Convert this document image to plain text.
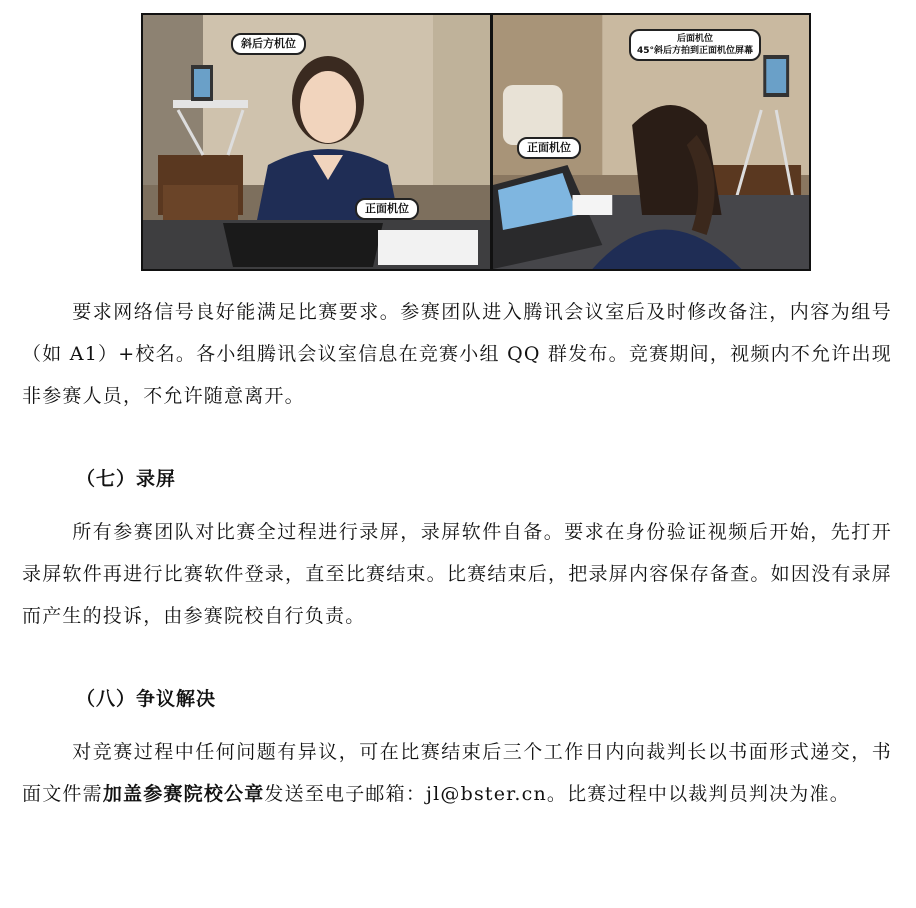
斜后方机位
正面机位
后面机位
45°斜后方拍到正面机位屏幕
正面机位

要求网络信号良好能满足比赛要求。参赛团队进入腾讯会议室后及时修改备注，内容为组号（如 A1）+校名。各小组腾讯会议室信息在竞赛小组 QQ 群发布。竞赛期间，视频内不允许出现非参赛人员，不允许随意离开。

（七）录屏

所有参赛团队对比赛全过程进行录屏，录屏软件自备。要求在身份验证视频后开始，先打开录屏软件再进行比赛软件登录，直至比赛结束。比赛结束后，把录屏内容保存备查。如因没有录屏而产生的投诉，由参赛院校自行负责。

（八）争议解决

对竞赛过程中任何问题有异议，可在比赛结束后三个工作日内向裁判长以书面形式递交，书面文件需加盖参赛院校公章发送至电子邮箱：jl@bster.cn。比赛过程中以裁判员判决为准。
